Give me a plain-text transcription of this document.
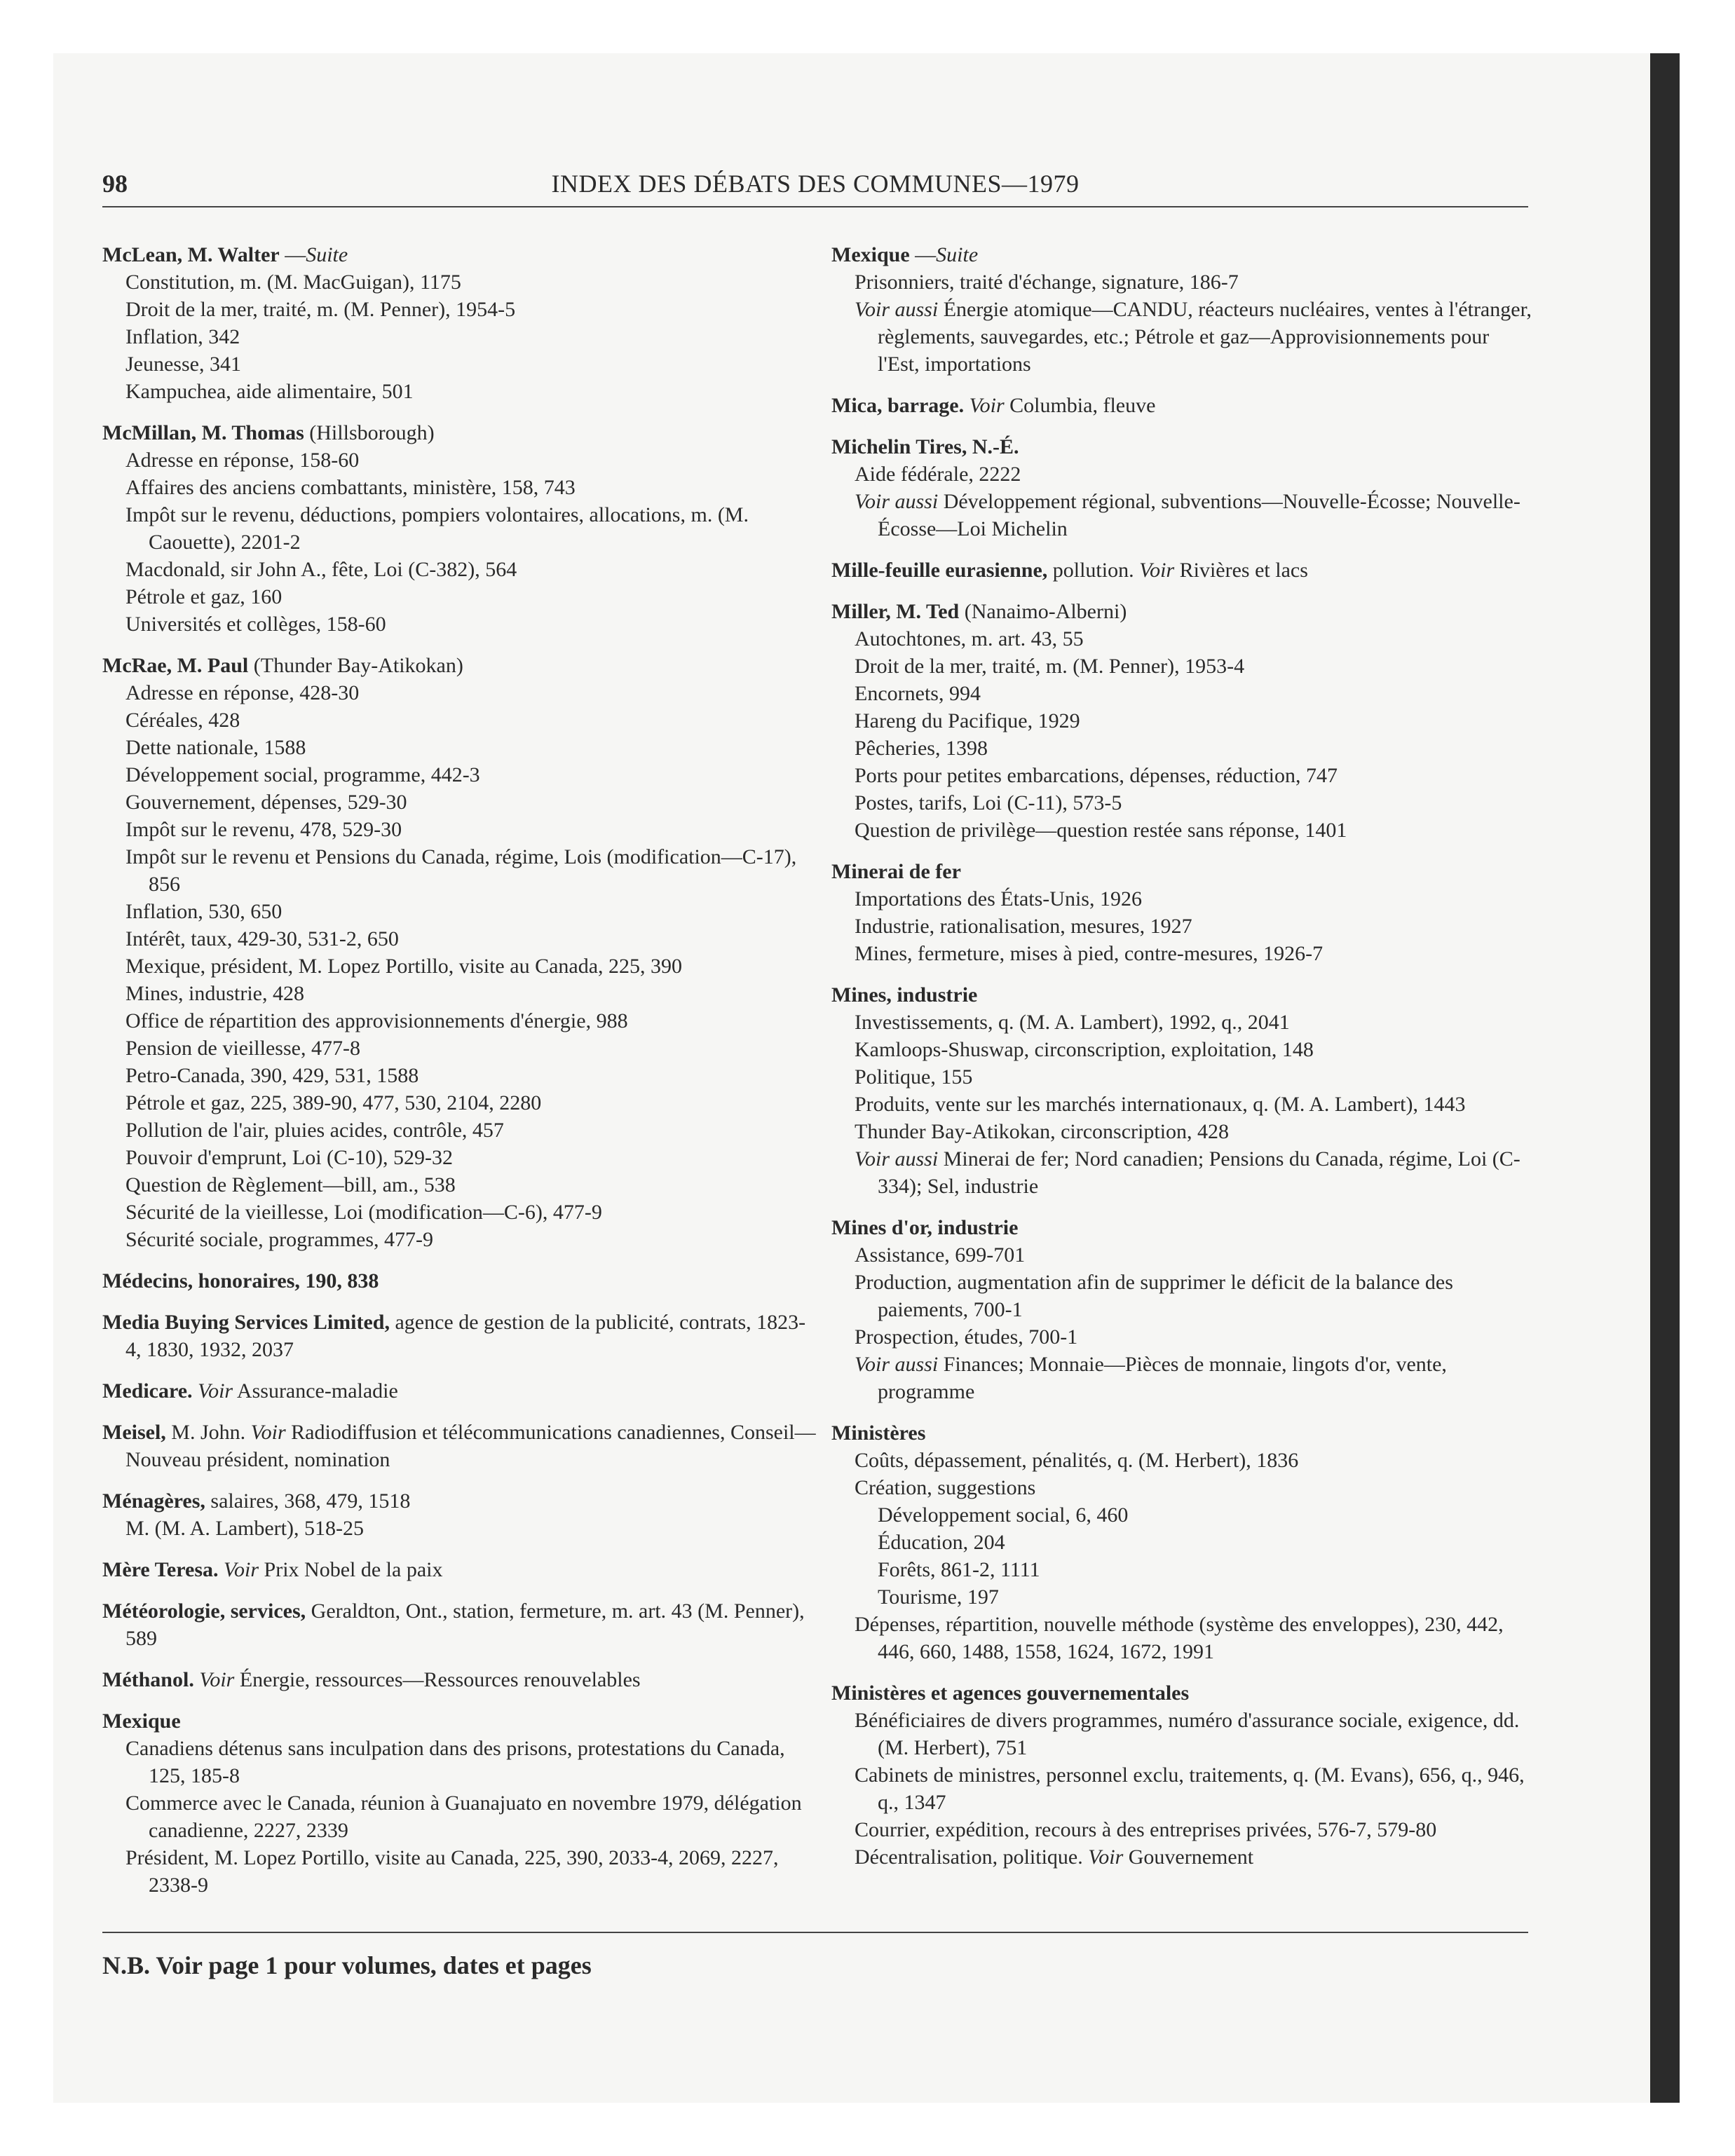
98	INDEX DES DÉBATS DES COMMUNES—1979
McLean, M. Walter —Suite
Constitution, m. (M. MacGuigan), 1175
Droit de la mer, traité, m. (M. Penner), 1954-5
Inflation, 342
Jeunesse, 341
Kampuchea, aide alimentaire, 501
McMillan, M. Thomas (Hillsborough)
Adresse en réponse, 158-60
Affaires des anciens combattants, ministère, 158, 743
Impôt sur le revenu, déductions, pompiers volontaires, allocations, m. (M. Caouette), 2201-2
Macdonald, sir John A., fête, Loi (C-382), 564
Pétrole et gaz, 160
Universités et collèges, 158-60
McRae, M. Paul (Thunder Bay-Atikokan)
Adresse en réponse, 428-30
Céréales, 428
Dette nationale, 1588
Développement social, programme, 442-3
Gouvernement, dépenses, 529-30
Impôt sur le revenu, 478, 529-30
Impôt sur le revenu et Pensions du Canada, régime, Lois (modification—C-17), 856
Inflation, 530, 650
Intérêt, taux, 429-30, 531-2, 650
Mexique, président, M. Lopez Portillo, visite au Canada, 225, 390
Mines, industrie, 428
Office de répartition des approvisionnements d'énergie, 988
Pension de vieillesse, 477-8
Petro-Canada, 390, 429, 531, 1588
Pétrole et gaz, 225, 389-90, 477, 530, 2104, 2280
Pollution de l'air, pluies acides, contrôle, 457
Pouvoir d'emprunt, Loi (C-10), 529-32
Question de Règlement—bill, am., 538
Sécurité de la vieillesse, Loi (modification—C-6), 477-9
Sécurité sociale, programmes, 477-9
Médecins, honoraires, 190, 838
Media Buying Services Limited, agence de gestion de la publicité, contrats, 1823-4, 1830, 1932, 2037
Medicare. Voir Assurance-maladie
Meisel, M. John. Voir Radiodiffusion et télécommunications canadiennes, Conseil—Nouveau président, nomination
Ménagères, salaires, 368, 479, 1518
M. (M. A. Lambert), 518-25
Mère Teresa. Voir Prix Nobel de la paix
Météorologie, services, Geraldton, Ont., station, fermeture, m. art. 43 (M. Penner), 589
Méthanol. Voir Énergie, ressources—Ressources renouvelables
Mexique
Canadiens détenus sans inculpation dans des prisons, protestations du Canada, 125, 185-8
Commerce avec le Canada, réunion à Guanajuato en novembre 1979, délégation canadienne, 2227, 2339
Président, M. Lopez Portillo, visite au Canada, 225, 390, 2033-4, 2069, 2227, 2338-9
Mexique —Suite
Prisonniers, traité d'échange, signature, 186-7
Voir aussi Énergie atomique—CANDU, réacteurs nucléaires, ventes à l'étranger, règlements, sauvegardes, etc.; Pétrole et gaz—Approvisionnements pour l'Est, importations
Mica, barrage. Voir Columbia, fleuve
Michelin Tires, N.-É.
Aide fédérale, 2222
Voir aussi Développement régional, subventions—Nouvelle-Écosse; Nouvelle-Écosse—Loi Michelin
Mille-feuille eurasienne, pollution. Voir Rivières et lacs
Miller, M. Ted (Nanaimo-Alberni)
Autochtones, m. art. 43, 55
Droit de la mer, traité, m. (M. Penner), 1953-4
Encornets, 994
Hareng du Pacifique, 1929
Pêcheries, 1398
Ports pour petites embarcations, dépenses, réduction, 747
Postes, tarifs, Loi (C-11), 573-5
Question de privilège—question restée sans réponse, 1401
Minerai de fer
Importations des États-Unis, 1926
Industrie, rationalisation, mesures, 1927
Mines, fermeture, mises à pied, contre-mesures, 1926-7
Mines, industrie
Investissements, q. (M. A. Lambert), 1992, q., 2041
Kamloops-Shuswap, circonscription, exploitation, 148
Politique, 155
Produits, vente sur les marchés internationaux, q. (M. A. Lambert), 1443
Thunder Bay-Atikokan, circonscription, 428
Voir aussi Minerai de fer; Nord canadien; Pensions du Canada, régime, Loi (C-334); Sel, industrie
Mines d'or, industrie
Assistance, 699-701
Production, augmentation afin de supprimer le déficit de la balance des paiements, 700-1
Prospection, études, 700-1
Voir aussi Finances; Monnaie—Pièces de monnaie, lingots d'or, vente, programme
Ministères
Coûts, dépassement, pénalités, q. (M. Herbert), 1836
Création, suggestions
Développement social, 6, 460
Éducation, 204
Forêts, 861-2, 1111
Tourisme, 197
Dépenses, répartition, nouvelle méthode (système des enveloppes), 230, 442, 446, 660, 1488, 1558, 1624, 1672, 1991
Ministères et agences gouvernementales
Bénéficiaires de divers programmes, numéro d'assurance sociale, exigence, dd. (M. Herbert), 751
Cabinets de ministres, personnel exclu, traitements, q. (M. Evans), 656, q., 946, q., 1347
Courrier, expédition, recours à des entreprises privées, 576-7, 579-80
Décentralisation, politique. Voir Gouvernement
N.B. Voir page 1 pour volumes, dates et pages
